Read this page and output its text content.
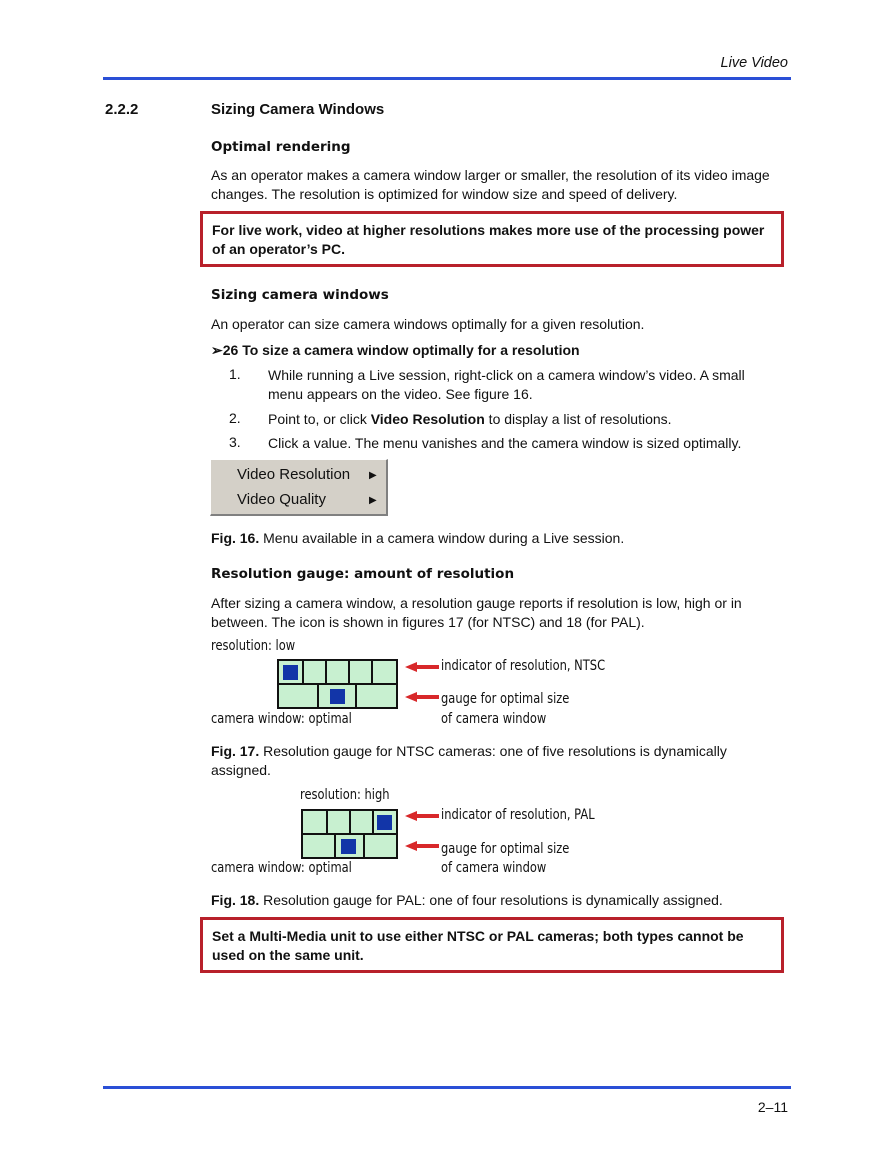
Live Video
2.2.2	Sizing Camera Windows
Optimal rendering
As an operator makes a camera window larger or smaller, the resolution of its video image changes. The resolution is optimized for window size and speed of delivery.
For live work, video at higher resolutions makes more use of the processing power of an operator’s PC.
Sizing camera windows
An operator can size camera windows optimally for a given resolution.
➢26 To size a camera window optimally for a resolution
1. While running a Live session, right-click on a camera window’s video. A small menu appears on the video. See figure 16.
2. Point to, or click Video Resolution to display a list of resolutions.
3. Click a value. The menu vanishes and the camera window is sized optimally.
Video Resolution ▶
Video Quality	▶
Fig. 16. Menu available in a camera window during a Live session.
Resolution gauge: amount of resolution
After sizing a camera window, a resolution gauge reports if resolution is low, high or in between. The icon is shown in figures 17 (for NTSC) and 18 (for PAL).
resolution: low
indicator of resolution, NTSC
gauge for optimal size
of camera window
camera window: optimal
Fig. 17. Resolution gauge for NTSC cameras: one of five resolutions is dynamically assigned.
resolution: high
indicator of resolution, PAL
gauge for optimal size
of camera window
camera window: optimal
Fig. 18. Resolution gauge for PAL: one of four resolutions is dynamically assigned.
Set a Multi-Media unit to use either NTSC or PAL cameras; both types cannot be used on the same unit.
2–11
